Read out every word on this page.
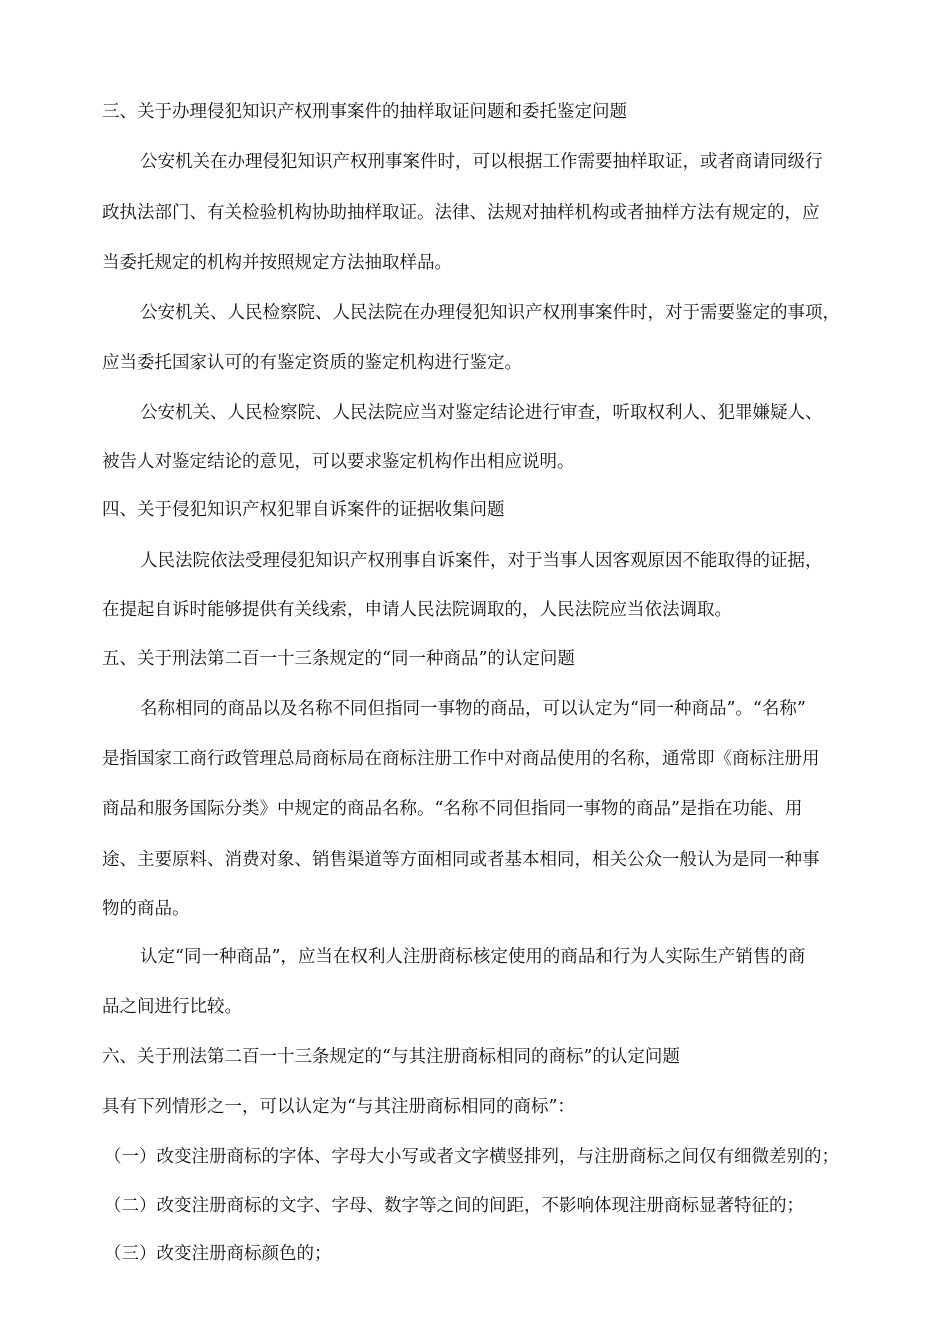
三、关于办理侵犯知识产权刑事案件的抽样取证问题和委托鉴定问题
公安机关在办理侵犯知识产权刑事案件时，可以根据工作需要抽样取证，或者商请同级行
政执法部门、有关检验机构协助抽样取证。法律、法规对抽样机构或者抽样方法有规定的，应
当委托规定的机构并按照规定方法抽取样品。
公安机关、人民检察院、人民法院在办理侵犯知识产权刑事案件时，对于需要鉴定的事项，
应当委托国家认可的有鉴定资质的鉴定机构进行鉴定。
公安机关、人民检察院、人民法院应当对鉴定结论进行审查，听取权利人、犯罪嫌疑人、
被告人对鉴定结论的意见，可以要求鉴定机构作出相应说明。
四、关于侵犯知识产权犯罪自诉案件的证据收集问题
人民法院依法受理侵犯知识产权刑事自诉案件，对于当事人因客观原因不能取得的证据，
在提起自诉时能够提供有关线索，申请人民法院调取的，人民法院应当依法调取。
五、关于刑法第二百一十三条规定的“同一种商品”的认定问题
名称相同的商品以及名称不同但指同一事物的商品，可以认定为“同一种商品”。“名称”
是指国家工商行政管理总局商标局在商标注册工作中对商品使用的名称，通常即《商标注册用
商品和服务国际分类》中规定的商品名称。“名称不同但指同一事物的商品”是指在功能、用
途、主要原料、消费对象、销售渠道等方面相同或者基本相同，相关公众一般认为是同一种事
物的商品。
认定“同一种商品”，应当在权利人注册商标核定使用的商品和行为人实际生产销售的商
品之间进行比较。
六、关于刑法第二百一十三条规定的“与其注册商标相同的商标”的认定问题
具有下列情形之一，可以认定为“与其注册商标相同的商标”：
（一）改变注册商标的字体、字母大小写或者文字横竖排列，与注册商标之间仅有细微差别的；
（二）改变注册商标的文字、字母、数字等之间的间距，不影响体现注册商标显著特征的；
（三）改变注册商标颜色的；
